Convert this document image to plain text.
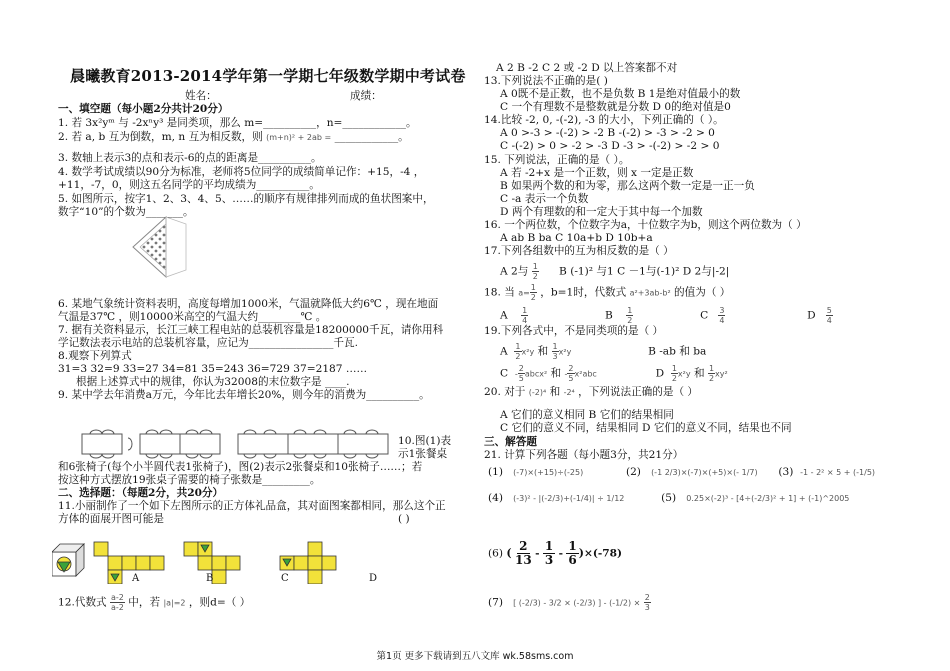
晨曦教育2013-2014学年第一学期七年级数学期中考试卷
姓名：	成绩：
一、填空题（每小题2分共计20分）
1. 若 3x²yᵐ 与 -2xⁿy³ 是同类项，那么 m=__________，n=____________。
2. 若 a, b 互为倒数，m, n 互为相反数，则 (m+n)² + 2ab = ____________。
3. 数轴上表示3的点和表示-6的点的距离是__________。
4. 数学考试成绩以90分为标准，老师将5位同学的成绩简单记作：+15，-4 ，
+11，-7，0，则这五名同学的平均成绩为__________。
5. 如图所示，按字1、2、3、4、5、……的顺序有规律排列而成的鱼状图案中，
数字“10”的个数为_______。
6. 某地气象统计资料表明，高度每增加1000米，气温就降低大约6℃ ，现在地面
气温是37℃ ，则10000米高空的气温大约________℃ 。
7. 据有关资料显示，长江三峡工程电站的总装机容量是18200000千瓦，请你用科
学记数法表示电站的总装机容量，应记为________________千瓦.
8.观察下列算式
31=3 32=9 33=27 34=81 35=243 36=729 37=2187 ……
根据上述算式中的规律，你认为32008的末位数字是 ____.
9. 某中学去年消费a万元，今年比去年增长20%，则今年的消费为__________。
10.图(1)表
示1张餐桌
和6张椅子(每个小半圆代表1张椅子)，图(2)表示2张餐桌和10张椅子……；若
按这种方式摆放19张桌子需要的椅子张数是_________。
二、选择题：（每题2分，共20分）
11.小丽制作了一个如下左图所示的正方体礼品盒，其对面图案都相同，那么这个正
方体的面展开图可能是	( )
A	B	C	D
12.代数式 $\frac{a-2}{a-2}$ 中，若 |a|=2 ，则d=（ ）
A 2 B -2 C 2 或 -2 D 以上答案都不对
13.下列说法不正确的是( )
A 0既不是正数，也不是负数 B 1是绝对值最小的数
C 一个有理数不是整数就是分数 D 0的绝对值是0
14.比较 -2, 0, -(-2), -3 的大小，下列正确的（ ）。
A 0 >-3 > -(-2) > -2 B -(-2) > -3 > -2 > 0
C -(-2) > 0 > -2 > -3 D -3 > -(-2) > -2 > 0
15. 下列说法，正确的是（ ）。
A 若 -2+x 是一个正数，则 x 一定是正数
B 如果两个数的和为零，那么这两个数一定是一正一负
C -a 表示一个负数
D 两个有理数的和一定大于其中每一个加数
16. 一个两位数，个位数字为a，十位数字为b，则这个两位数为（ ）
A ab B ba C 10a+b D 10b+a
17.下列各组数中的互为相反数的是（ ）
A 2与 $\frac{1}{2}$ B (-1)² 与1 C －1与(-1)² D 2与|-2|
18. 当 $a= \frac{1}{2}$ ，b=1时，代数式 a²+3ab-b² 的值为（ ）
A $\frac{1}{4}$	B $\frac{1}{2}$	C $\frac{3}{4}$	D $\frac{5}{4}$
19.下列各式中，不是同类项的是（ ）
A $\frac{1}{2} x^2y$ 和 $\frac{1}{3} x^2y$	B -ab 和 ba
C - $\frac{2}{5}$ abcx² 和 - $\frac{2}{5} x^2abc$	D $\frac{1}{2} x^2y$ 和 $\frac{1}{2} xy^2$
20. 对于 (-2)⁴ 和 -2⁴ ，下列说法正确的是（ ）
A 它们的意义相同 B 它们的结果相同
C 它们的意义不同，结果相同 D 它们的意义不同，结果也不同
三、解答题
21. 计算下列各题（每小题3分，共21分）
(1) (-7)×(+15)÷(-25)	(2) (-1 2/3)×(-7)×(+5)×(- 1/7) (3) -1 - 2² × 5 + (-1/5)
(4) (-3)² - |(-2/3)+(-1/4)| ÷ 1/12	(5) 0.25×(-2)³ - [4÷(-2/3)² + 1] + (-1)^2005
(6) ( $\frac{2}{13} - \frac{1}{3} - \frac{1}{6} )\times(-78)$
(7) [ (-2/3) - 3/2 × (-2/3) ] - $(-1/2) \times \frac{2}{3}$
第1页 更多下载请到五八文库 wk.58sms.com
